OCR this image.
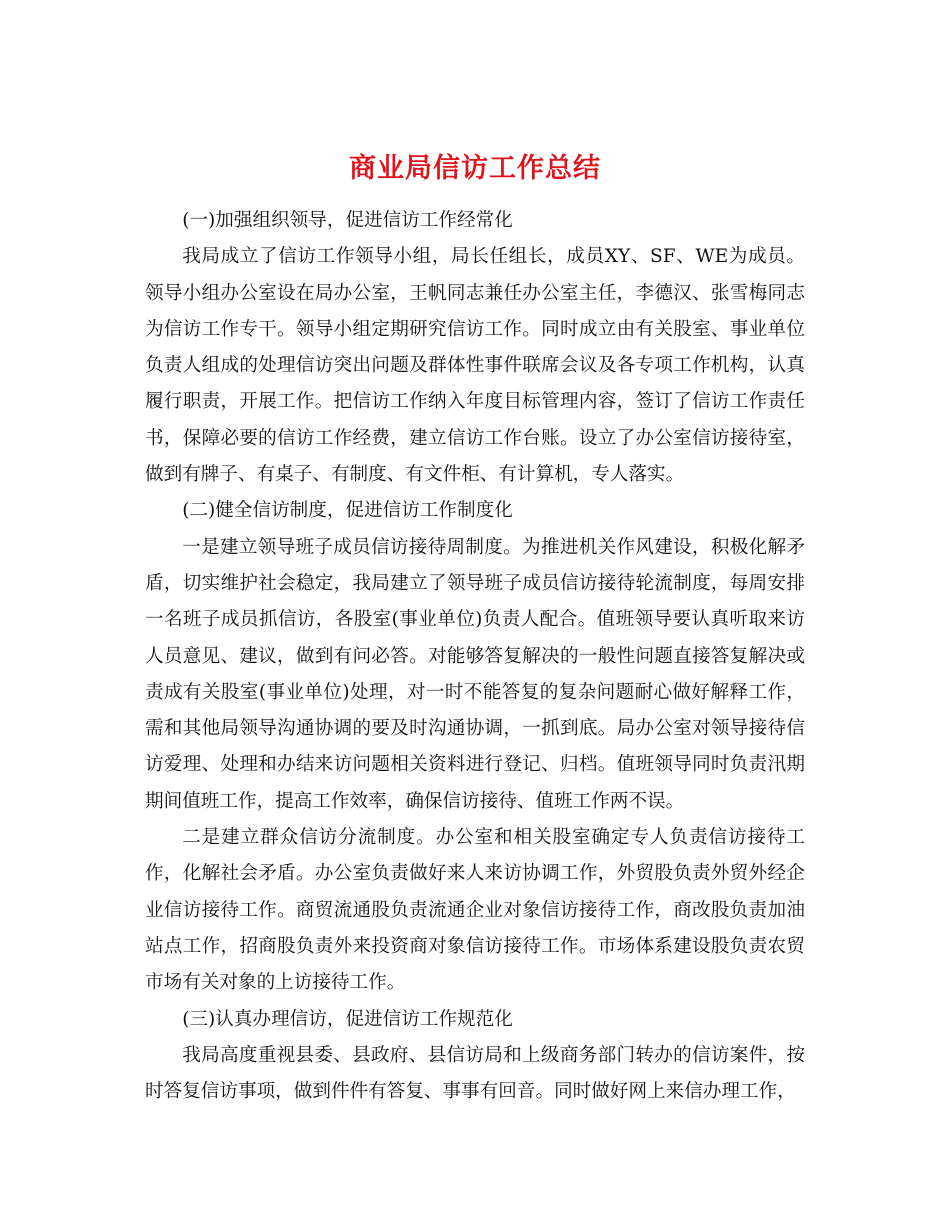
商业局信访工作总结

(一)加强组织领导，促进信访工作经常化

我局成立了信访工作领导小组，局长任组长，成员XY、SF、WE为成员。领导小组办公室设在局办公室，王帆同志兼任办公室主任，李德汉、张雪梅同志为信访工作专干。领导小组定期研究信访工作。同时成立由有关股室、事业单位负责人组成的处理信访突出问题及群体性事件联席会议及各专项工作机构，认真履行职责，开展工作。把信访工作纳入年度目标管理内容，签订了信访工作责任书，保障必要的信访工作经费，建立信访工作台账。设立了办公室信访接待室，做到有牌子、有桌子、有制度、有文件柜、有计算机，专人落实。

(二)健全信访制度，促进信访工作制度化

一是建立领导班子成员信访接待周制度。为推进机关作风建设，积极化解矛盾，切实维护社会稳定，我局建立了领导班子成员信访接待轮流制度，每周安排一名班子成员抓信访，各股室(事业单位)负责人配合。值班领导要认真听取来访人员意见、建议，做到有问必答。对能够答复解决的一般性问题直接答复解决或责成有关股室(事业单位)处理，对一时不能答复的复杂问题耐心做好解释工作，需和其他局领导沟通协调的要及时沟通协调，一抓到底。局办公室对领导接待信访爱理、处理和办结来访问题相关资料进行登记、归档。值班领导同时负责汛期期间值班工作，提高工作效率，确保信访接待、值班工作两不误。

二是建立群众信访分流制度。办公室和相关股室确定专人负责信访接待工作，化解社会矛盾。办公室负责做好来人来访协调工作，外贸股负责外贸外经企业信访接待工作。商贸流通股负责流通企业对象信访接待工作，商改股负责加油站点工作，招商股负责外来投资商对象信访接待工作。市场体系建设股负责农贸市场有关对象的上访接待工作。

(三)认真办理信访，促进信访工作规范化

我局高度重视县委、县政府、县信访局和上级商务部门转办的信访案件，按时答复信访事项，做到件件有答复、事事有回音。同时做好网上来信办理工作，
